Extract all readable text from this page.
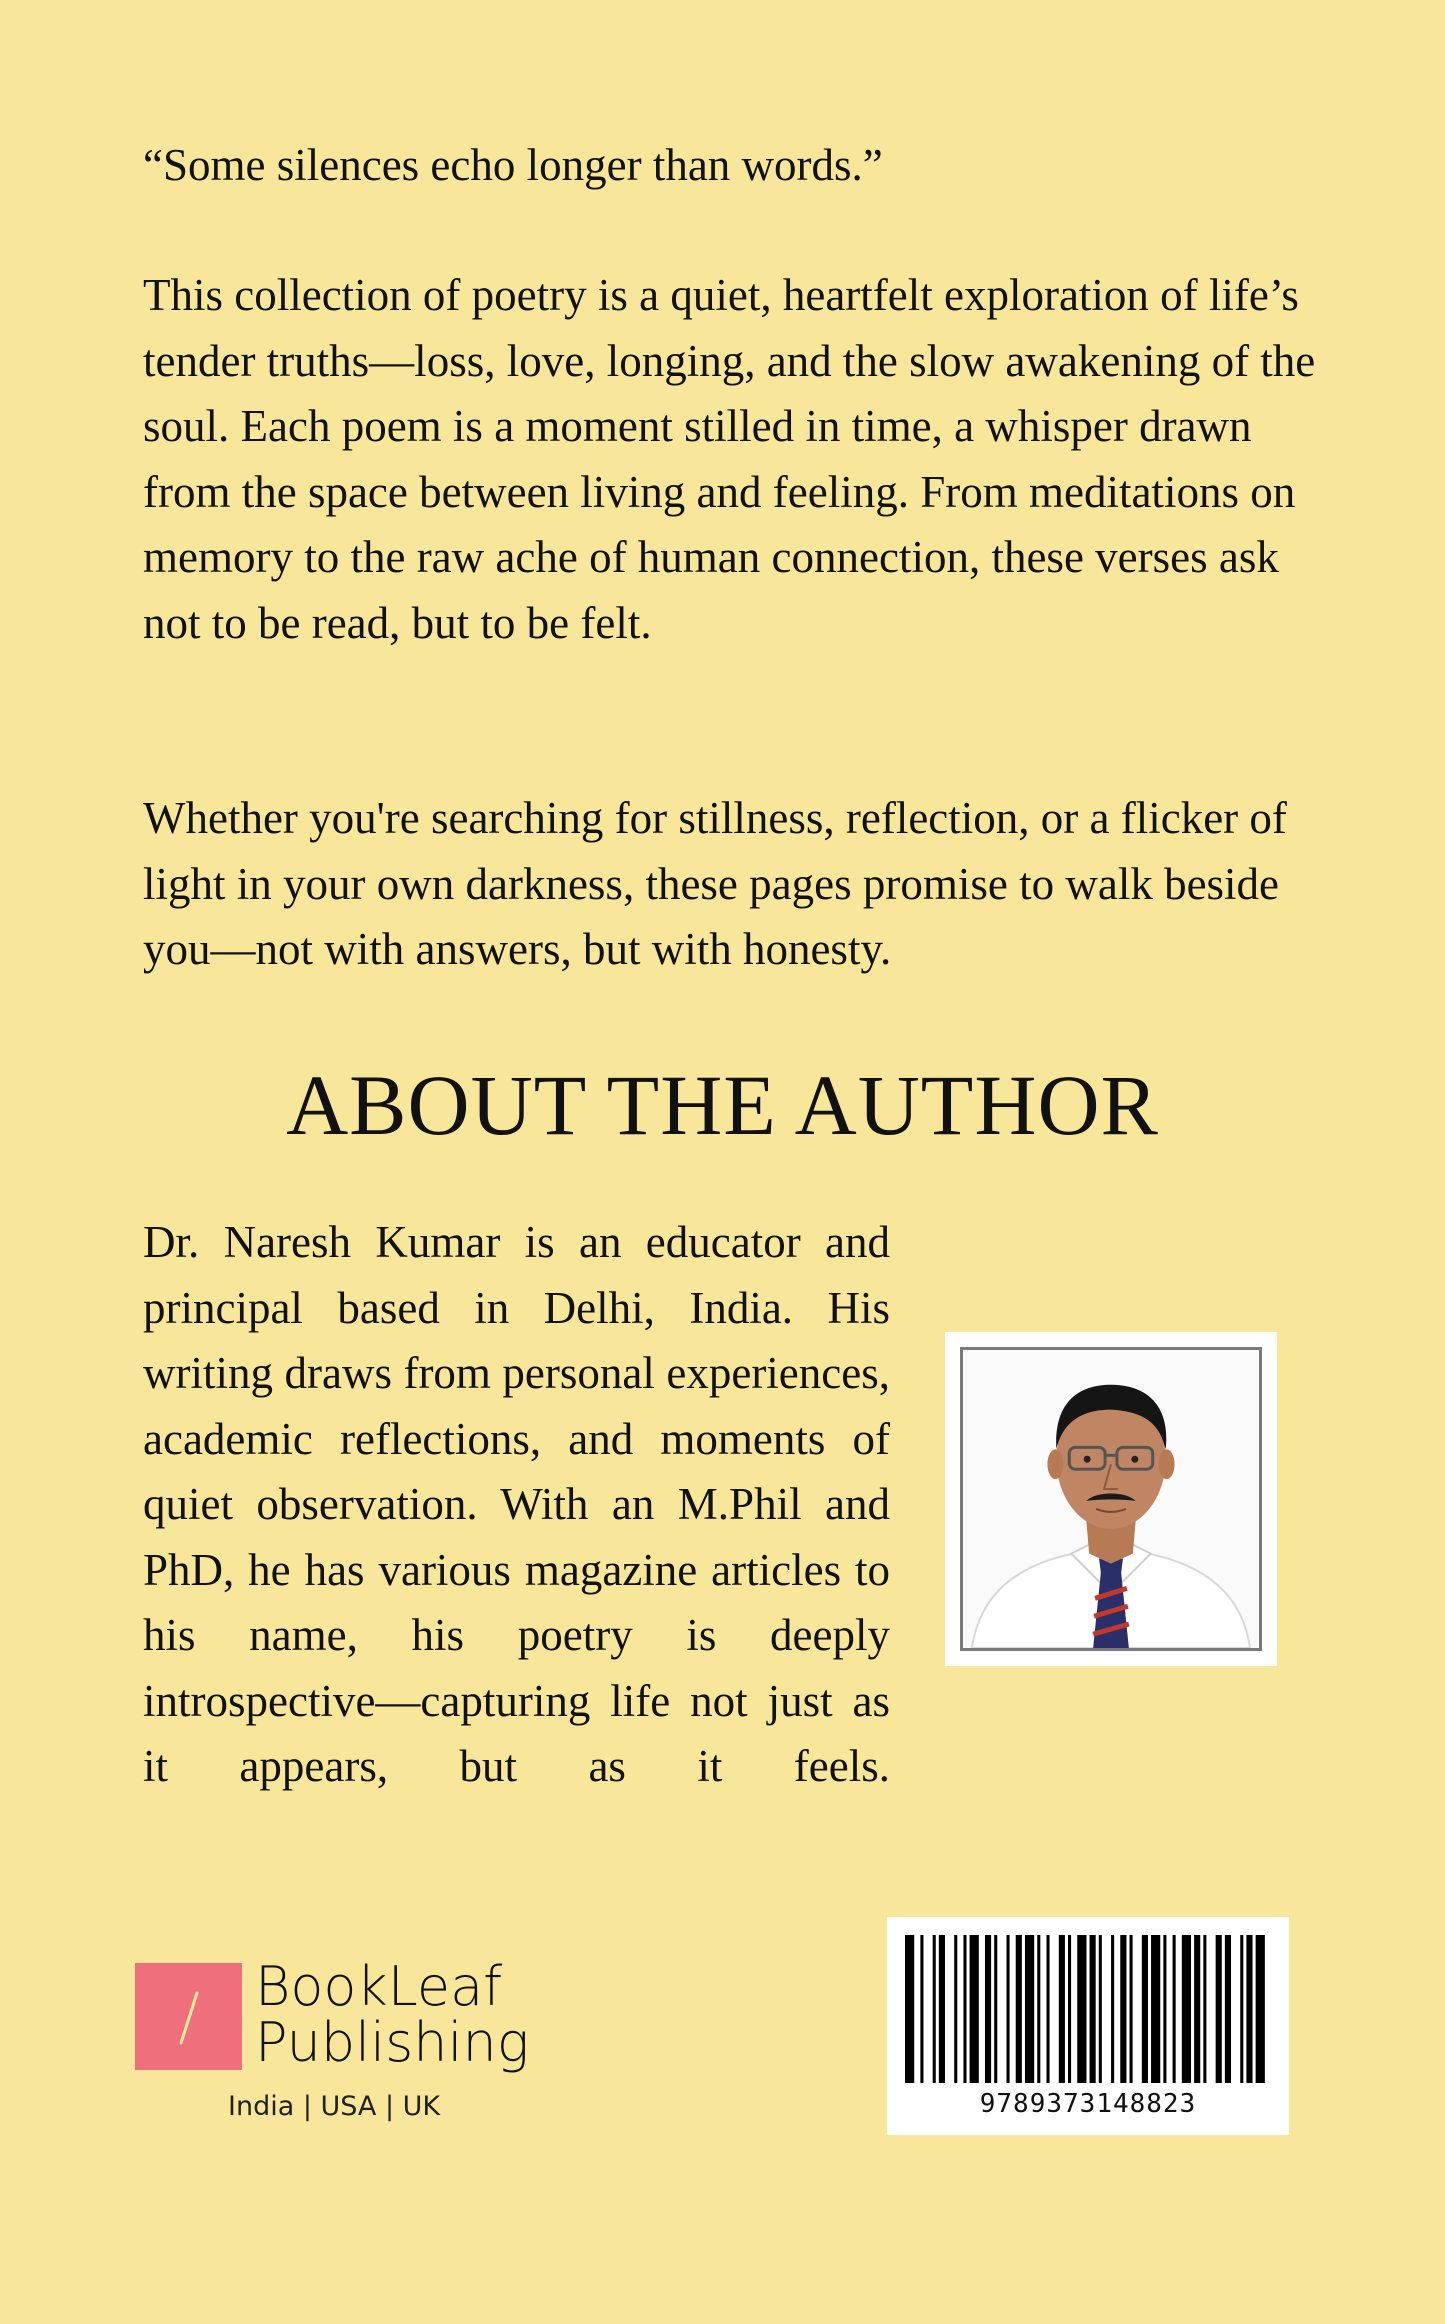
“Some silences echo longer than words.”

This collection of poetry is a quiet, heartfelt exploration of life’s tender truths—loss, love, longing, and the slow awakening of the soul. Each poem is a moment stilled in time, a whisper drawn from the space between living and feeling. From meditations on memory to the raw ache of human connection, these verses ask not to be read, but to be felt.

Whether you're searching for stillness, reflection, or a flicker of light in your own darkness, these pages promise to walk beside you—not with answers, but with honesty.

ABOUT THE AUTHOR

Dr. Naresh Kumar is an educator and principal based in Delhi, India. His writing draws from personal experiences, academic reflections, and moments of quiet observation. With an M.Phil and PhD, he has various magazine articles to his name, his poetry is deeply introspective—capturing life not just as it appears, but as it feels.

BookLeaf
Publishing
India | USA | UK	9789373148823
